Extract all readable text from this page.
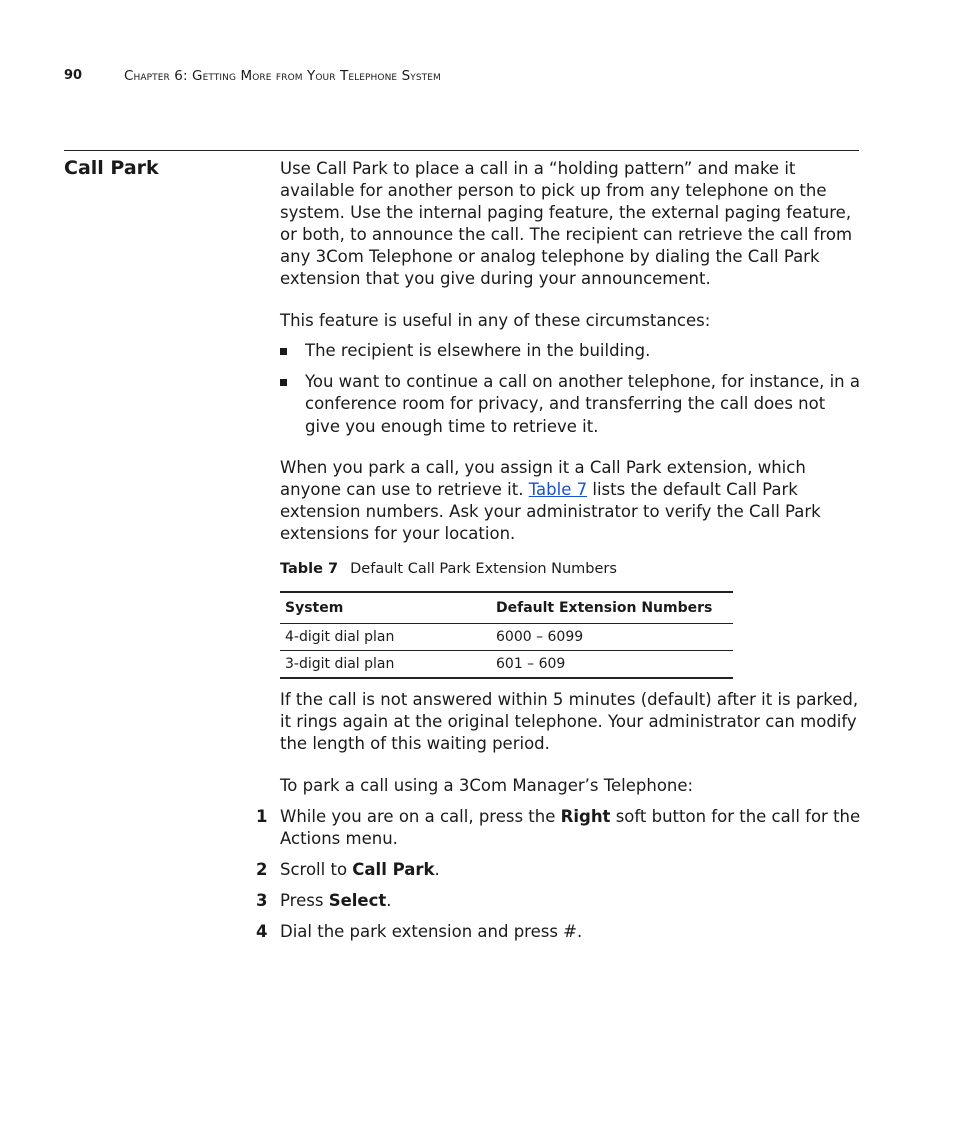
90	Chapter 6: Getting More from Your Telephone System
Call Park	Use Call Park to place a call in a “holding pattern” and make it available for another person to pick up from any telephone on the system. Use the internal paging feature, the external paging feature, or both, to announce the call. The recipient can retrieve the call from any 3Com Telephone or analog telephone by dialing the Call Park extension that you give during your announcement.

This feature is useful in any of these circumstances:

The recipient is elsewhere in the building.
You want to continue a call on another telephone, for instance, in a conference room for privacy, and transferring the call does not give you enough time to retrieve it.

When you park a call, you assign it a Call Park extension, which anyone can use to retrieve it. Table 7 lists the default Call Park extension numbers. Ask your administrator to verify the Call Park extensions for your location.

Table 7 Default Call Park Extension Numbers
System	Default Extension Numbers
4-digit dial plan	6000 – 6099
3-digit dial plan	601 – 609

If the call is not answered within 5 minutes (default) after it is parked, it rings again at the original telephone. Your administrator can modify the length of this waiting period.

To park a call using a 3Com Manager’s Telephone:

1 While you are on a call, press the Right soft button for the call for the Actions menu.
2 Scroll to Call Park.
3 Press Select.
4 Dial the park extension and press #.
